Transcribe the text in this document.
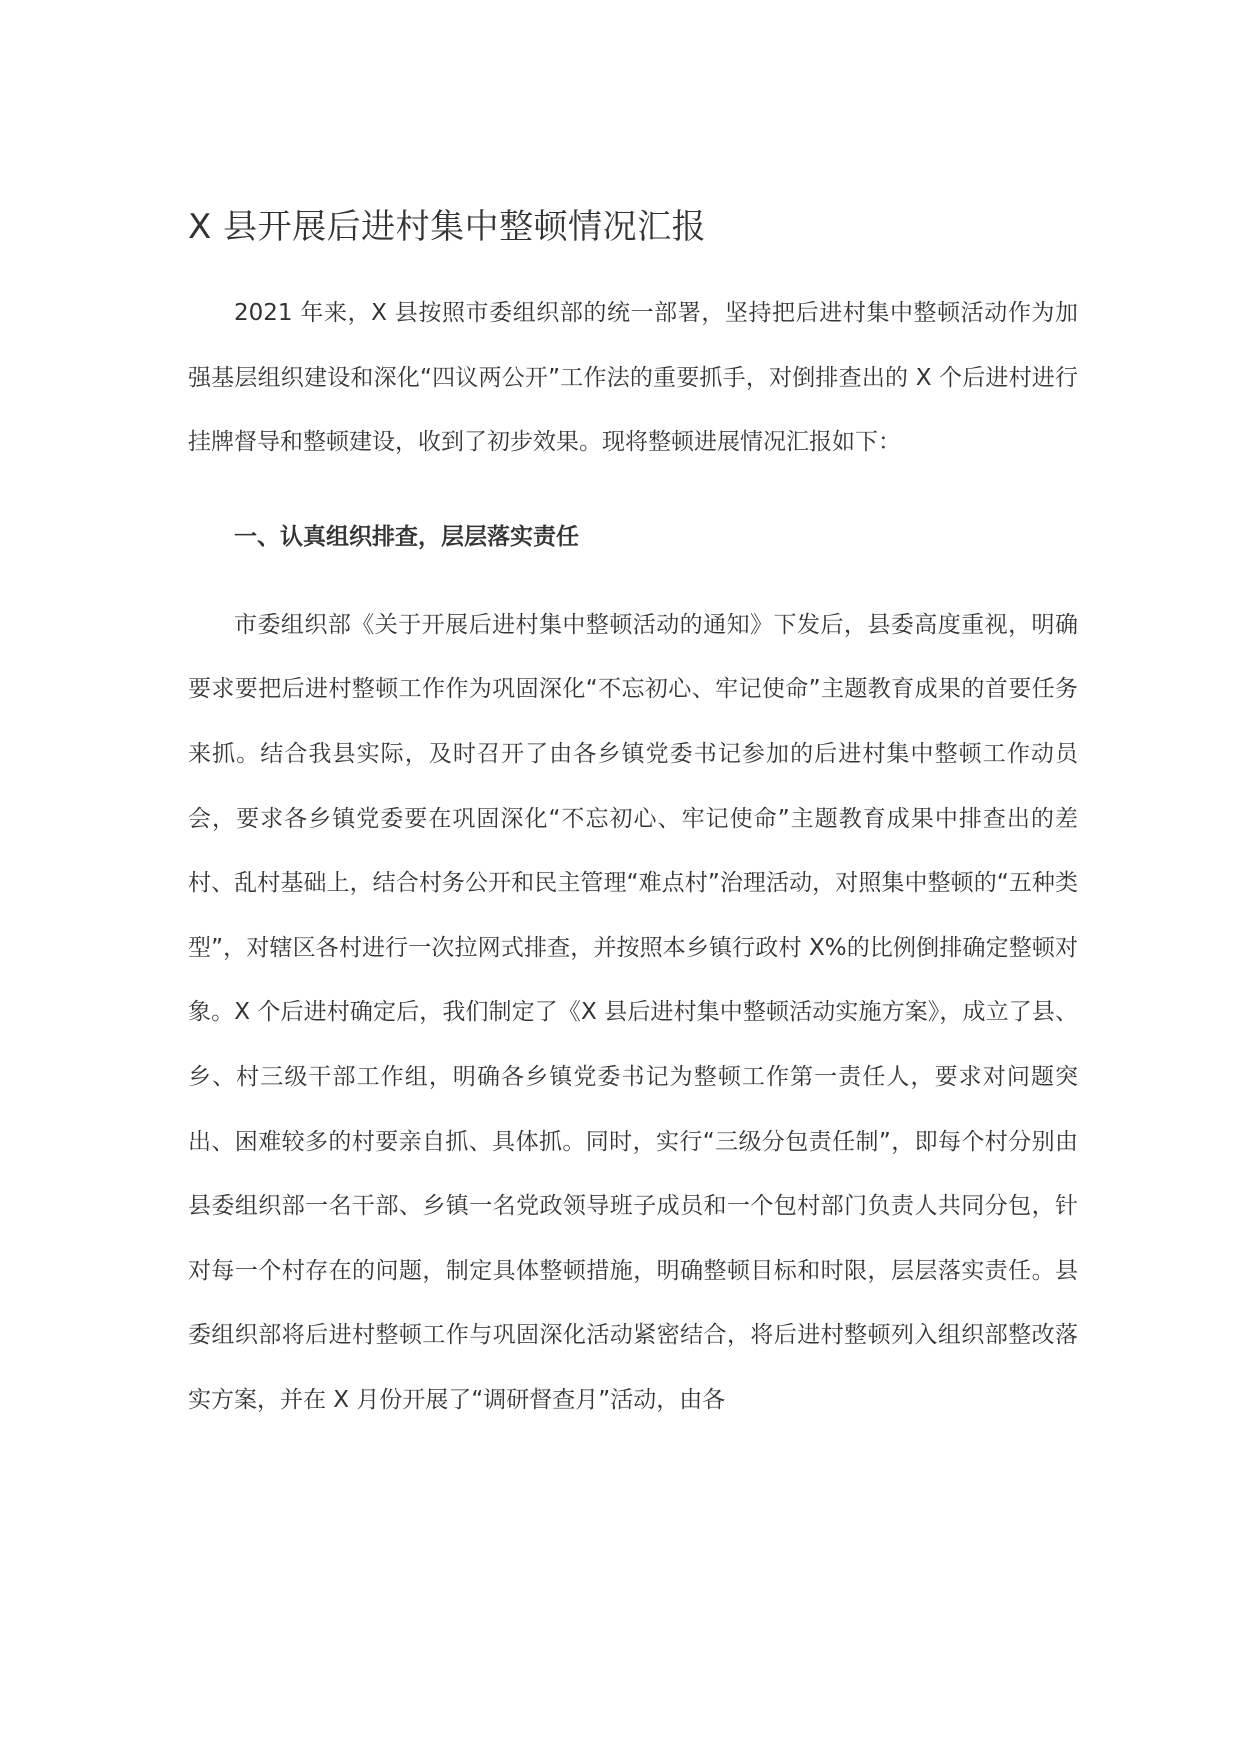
X 县开展后进村集中整顿情况汇报

2021 年来，X 县按照市委组织部的统一部署，坚持把后进村集中整顿活动作为加强基层组织建设和深化“四议两公开”工作法的重要抓手，对倒排查出的 X 个后进村进行挂牌督导和整顿建设，收到了初步效果。现将整顿进展情况汇报如下：

一、认真组织排查，层层落实责任

市委组织部《关于开展后进村集中整顿活动的通知》下发后，县委高度重视，明确要求要把后进村整顿工作作为巩固深化“不忘初心、牢记使命”主题教育成果的首要任务来抓。结合我县实际，及时召开了由各乡镇党委书记参加的后进村集中整顿工作动员会，要求各乡镇党委要在巩固深化“不忘初心、牢记使命”主题教育成果中排查出的差村、乱村基础上，结合村务公开和民主管理“难点村”治理活动，对照集中整顿的“五种类型”，对辖区各村进行一次拉网式排查，并按照本乡镇行政村 X%的比例倒排确定整顿对象。X 个后进村确定后，我们制定了《X 县后进村集中整顿活动实施方案》，成立了县、乡、村三级干部工作组，明确各乡镇党委书记为整顿工作第一责任人，要求对问题突出、困难较多的村要亲自抓、具体抓。同时，实行“三级分包责任制”，即每个村分别由县委组织部一名干部、乡镇一名党政领导班子成员和一个包村部门负责人共同分包，针对每一个村存在的问题，制定具体整顿措施，明确整顿目标和时限，层层落实责任。县委组织部将后进村整顿工作与巩固深化活动紧密结合，将后进村整顿列入组织部整改落实方案，并在 X 月份开展了“调研督查月”活动，由各
